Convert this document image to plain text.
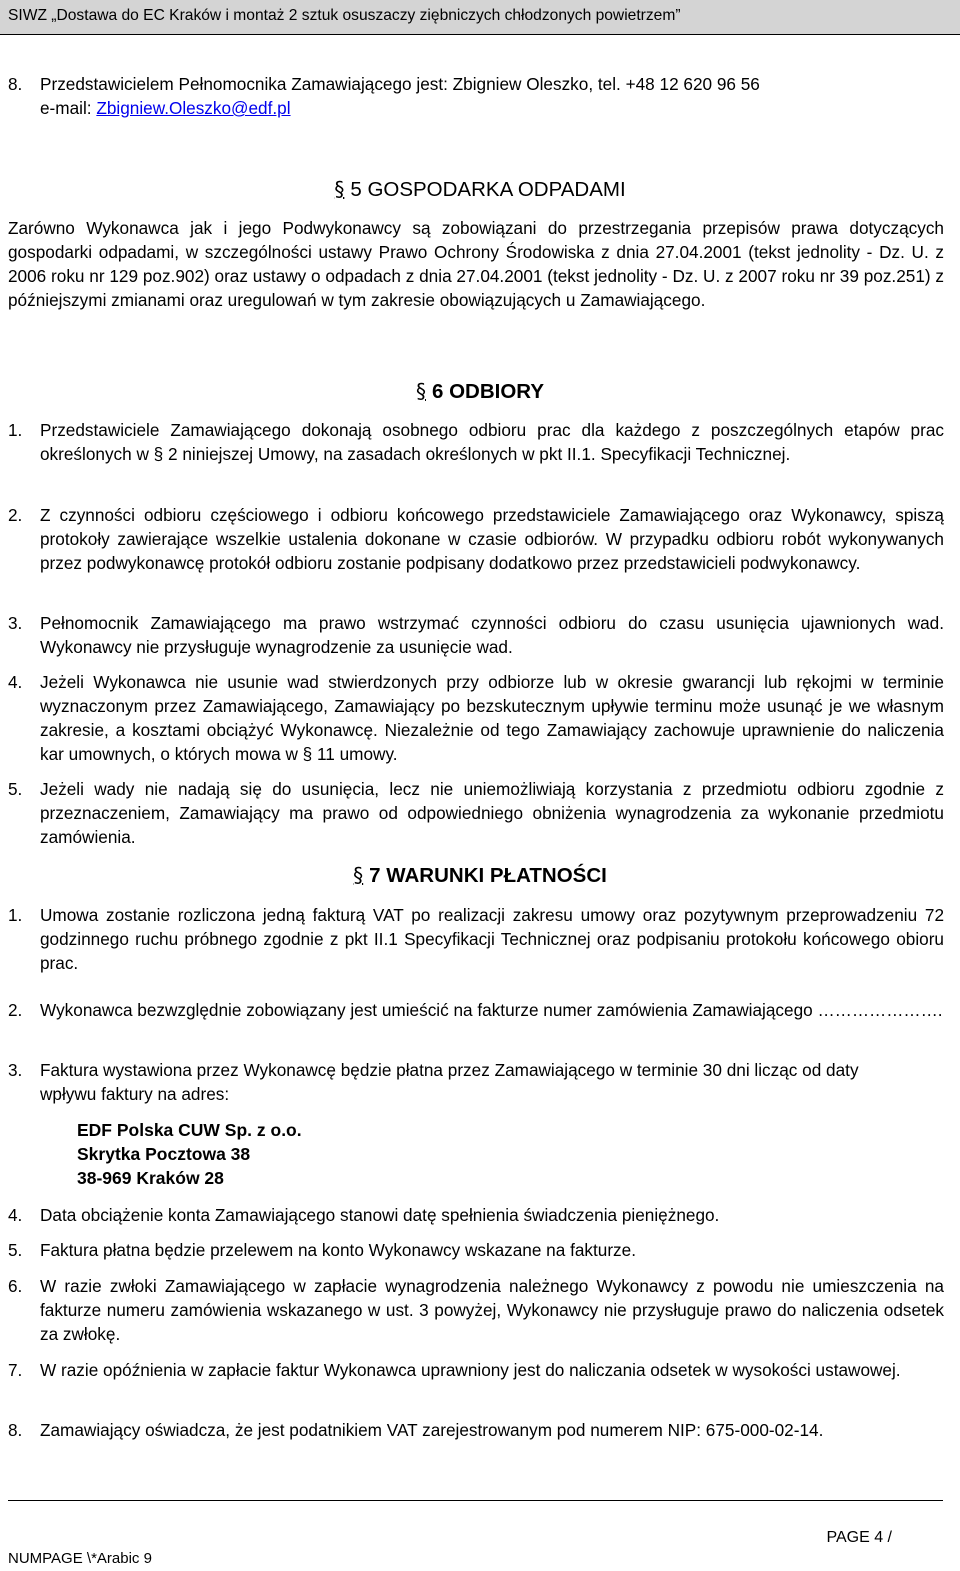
SIWZ „Dostawa do EC Kraków i montaż 2 sztuk osuszaczy ziębniczych chłodzonych powietrzem”
8. Przedstawicielem Pełnomocnika Zamawiającego jest: Zbigniew Oleszko, tel. +48 12 620 96 56
e-mail: Zbigniew.Oleszko@edf.pl
§ 5 GOSPODARKA ODPADAMI
Zarówno Wykonawca jak i jego Podwykonawcy są zobowiązani do przestrzegania przepisów prawa dotyczących gospodarki odpadami, w szczególności ustawy Prawo Ochrony Środowiska z dnia 27.04.2001 (tekst jednolity - Dz. U. z 2006 roku nr 129 poz.902) oraz ustawy o odpadach z dnia 27.04.2001 (tekst jednolity - Dz. U. z 2007 roku nr 39 poz.251) z późniejszymi zmianami oraz uregulowań w tym zakresie obowiązujących u Zamawiającego.
§ 6 ODBIORY
1. Przedstawiciele Zamawiającego dokonają osobnego odbioru prac dla każdego z poszczególnych etapów prac określonych w § 2 niniejszej Umowy, na zasadach określonych w pkt II.1. Specyfikacji Technicznej.
2. Z czynności odbioru częściowego i odbioru końcowego przedstawiciele Zamawiającego oraz Wykonawcy, spiszą protokoły zawierające wszelkie ustalenia dokonane w czasie odbiorów. W przypadku odbioru robót wykonywanych przez podwykonawcę protokół odbioru zostanie podpisany dodatkowo przez przedstawicieli podwykonawcy.
3. Pełnomocnik Zamawiającego ma prawo wstrzymać czynności odbioru do czasu usunięcia ujawnionych wad. Wykonawcy nie przysługuje wynagrodzenie za usunięcie wad.
4. Jeżeli Wykonawca nie usunie wad stwierdzonych przy odbiorze lub w okresie gwarancji lub rękojmi w terminie wyznaczonym przez Zamawiającego, Zamawiający po bezskutecznym upływie terminu może usunąć je we własnym zakresie, a kosztami obciążyć Wykonawcę. Niezależnie od tego Zamawiający zachowuje uprawnienie do naliczenia kar umownych, o których mowa w § 11 umowy.
5. Jeżeli wady nie nadają się do usunięcia, lecz nie uniemożliwiają korzystania z przedmiotu odbioru zgodnie z przeznaczeniem, Zamawiający ma prawo od odpowiedniego obniżenia wynagrodzenia za wykonanie przedmiotu zamówienia.
§ 7 WARUNKI PŁATNOŚCI
1. Umowa zostanie rozliczona jedną fakturą VAT po realizacji zakresu umowy oraz pozytywnym przeprowadzeniu 72 godzinnego ruchu próbnego zgodnie z pkt II.1 Specyfikacji Technicznej oraz podpisaniu protokołu końcowego obioru prac.
2. Wykonawca bezwzględnie zobowiązany jest umieścić na fakturze numer zamówienia Zamawiającego ………………….
3. Faktura wystawiona przez Wykonawcę będzie płatna przez Zamawiającego w terminie 30 dni licząc od daty wpływu faktury na adres:
EDF Polska CUW Sp. z o.o.
Skrytka Pocztowa 38
38-969 Kraków 28
4. Data obciążenie konta Zamawiającego stanowi datę spełnienia świadczenia pieniężnego.
5. Faktura płatna będzie przelewem na konto Wykonawcy wskazane na fakturze.
6. W razie zwłoki Zamawiającego w zapłacie wynagrodzenia należnego Wykonawcy z powodu nie umieszczenia na fakturze numeru zamówienia wskazanego w ust. 3 powyżej, Wykonawcy nie przysługuje prawo do naliczenia odsetek za zwłokę.
7. W razie opóźnienia w zapłacie faktur Wykonawca uprawniony jest do naliczania odsetek w wysokości ustawowej.
8. Zamawiający oświadcza, że jest podatnikiem VAT zarejestrowanym pod numerem NIP: 675-000-02-14.
PAGE 4 /
NUMPAGE \*Arabic 9
